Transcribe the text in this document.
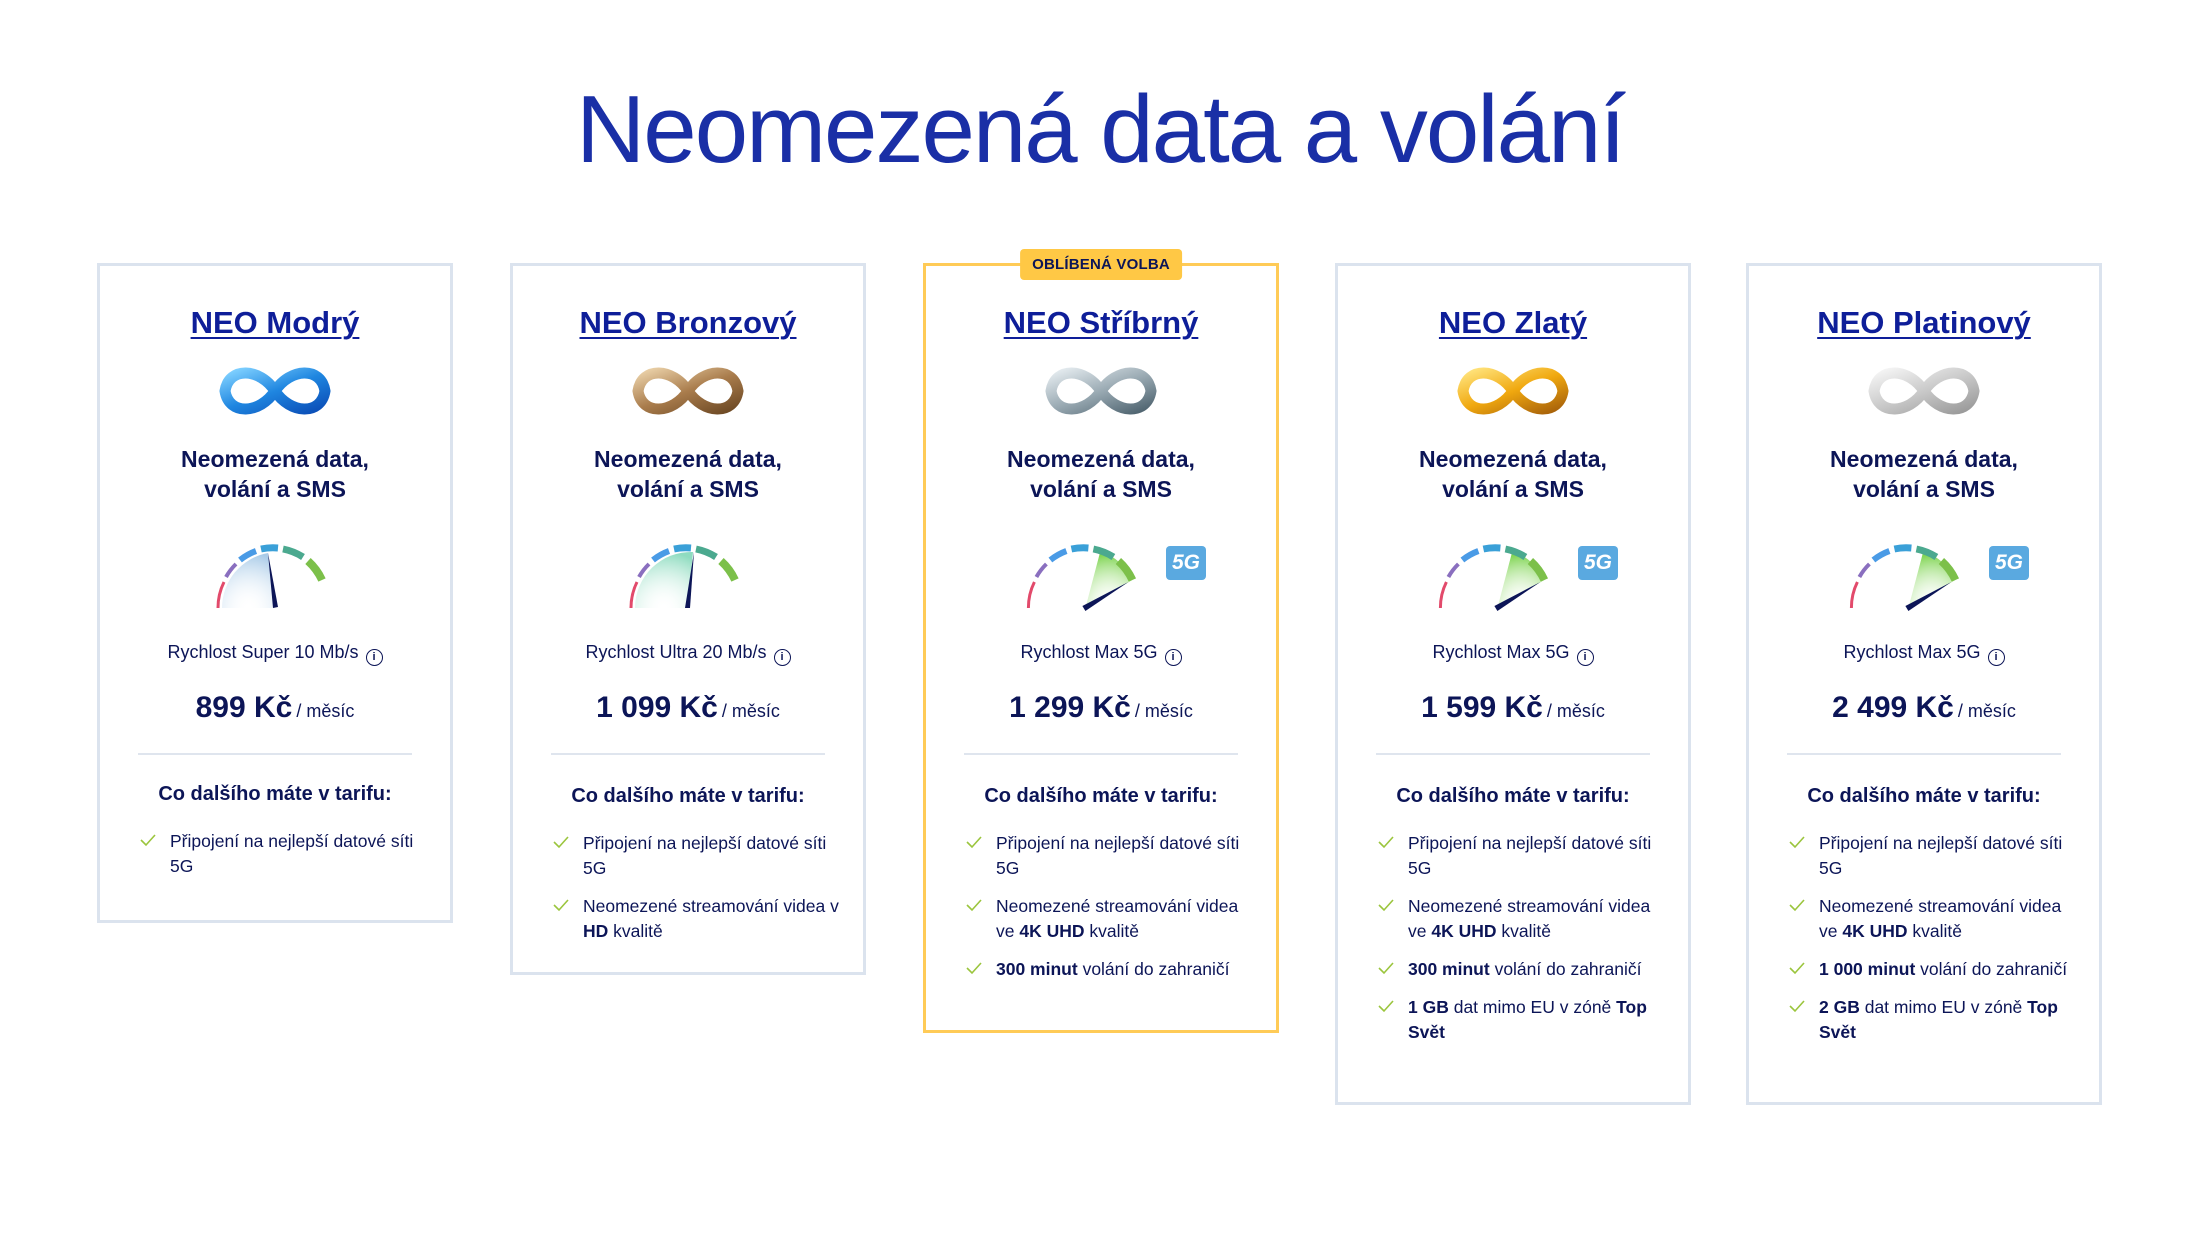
Neomezená data a volání
NEO Modrý
Neomezená data,
volání a SMS
Rychlost Super 10 Mb/s i
899 Kč / měsíc
Co dalšího máte v tarifu:
Připojení na nejlepší datové síti 5G
NEO Bronzový
Neomezená data,
volání a SMS
Rychlost Ultra 20 Mb/s i
1 099 Kč / měsíc
Co dalšího máte v tarifu:
Připojení na nejlepší datové síti 5G
Neomezené streamování videa v HD kvalitě
OBLÍBENÁ VOLBA
NEO Stříbrný
Neomezená data,
volání a SMS
5G
Rychlost Max 5G i
1 299 Kč / měsíc
Co dalšího máte v tarifu:
Připojení na nejlepší datové síti 5G
Neomezené streamování videa ve 4K UHD kvalitě
300 minut volání do zahraničí
NEO Zlatý
Neomezená data,
volání a SMS
5G
Rychlost Max 5G i
1 599 Kč / měsíc
Co dalšího máte v tarifu:
Připojení na nejlepší datové síti 5G
Neomezené streamování videa ve 4K UHD kvalitě
300 minut volání do zahraničí
1 GB dat mimo EU v zóně Top Svět
NEO Platinový
Neomezená data,
volání a SMS
5G
Rychlost Max 5G i
2 499 Kč / měsíc
Co dalšího máte v tarifu:
Připojení na nejlepší datové síti 5G
Neomezené streamování videa ve 4K UHD kvalitě
1 000 minut volání do zahraničí
2 GB dat mimo EU v zóně Top Svět
